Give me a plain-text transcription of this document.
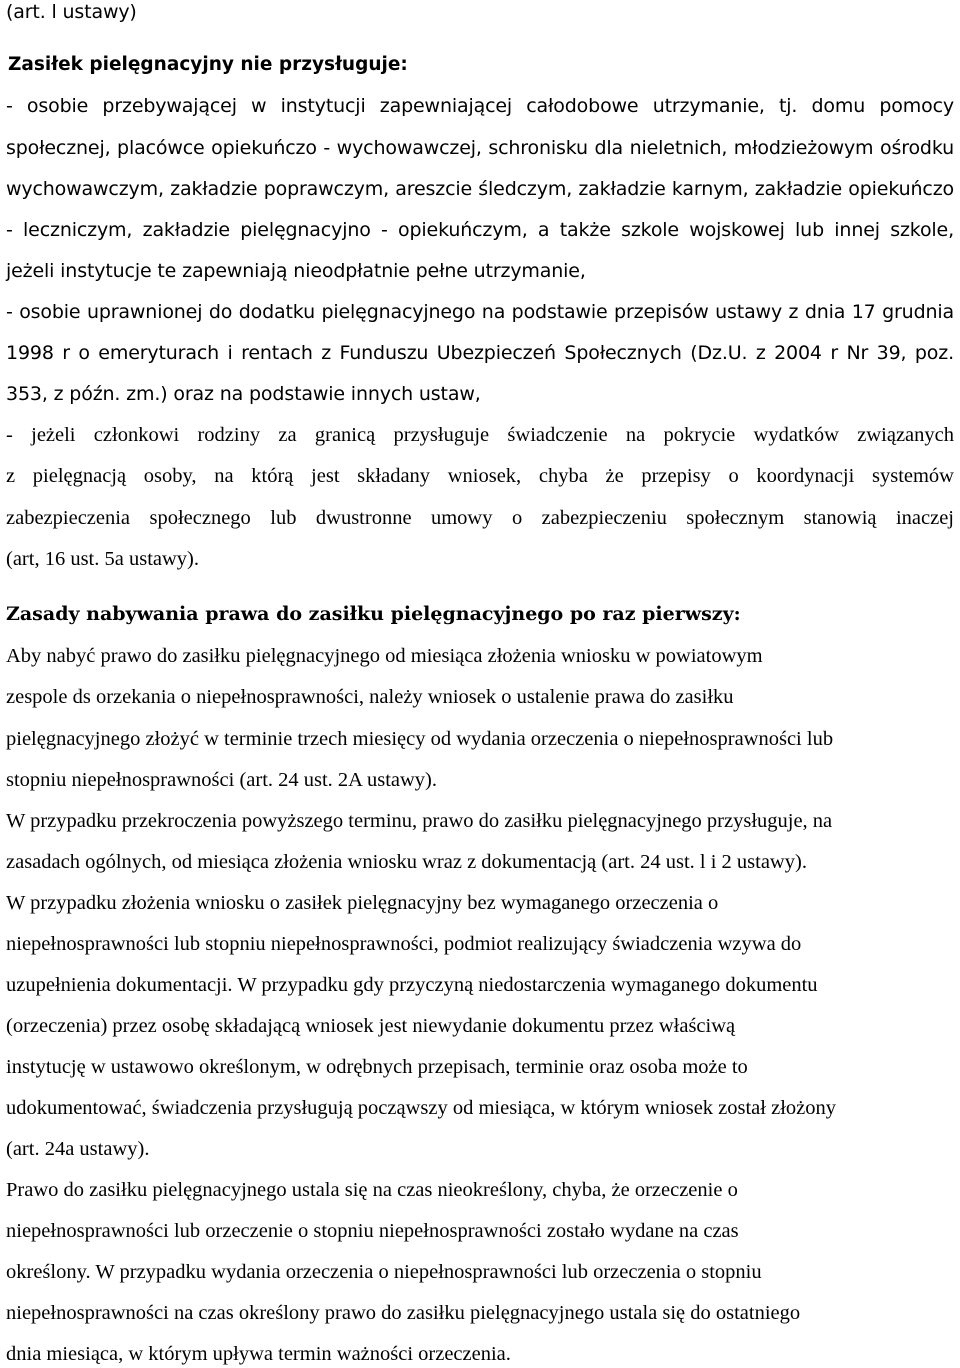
(art. l ustawy)
Zasiłek pielęgnacyjny nie przysługuje:
- osobie przebywającej w instytucji zapewniającej całodobowe utrzymanie, tj. domu pomocy
społecznej, placówce opiekuńczo - wychowawczej, schronisku dla nieletnich, młodzieżowym ośrodku
wychowawczym, zakładzie poprawczym, areszcie śledczym, zakładzie karnym, zakładzie opiekuńczo
- leczniczym, zakładzie pielęgnacyjno - opiekuńczym, a także szkole wojskowej lub innej szkole,
jeżeli instytucje te zapewniają nieodpłatnie pełne utrzymanie,
- osobie uprawnionej do dodatku pielęgnacyjnego na podstawie przepisów ustawy z dnia 17 grudnia
1998 r o emeryturach i rentach z Funduszu Ubezpieczeń Społecznych (Dz.U. z 2004 r Nr 39, poz.
353, z późn. zm.) oraz na podstawie innych ustaw,
- jeżeli członkowi rodziny za granicą przysługuje świadczenie na pokrycie wydatków związanych
z pielęgnacją osoby, na którą jest składany wniosek, chyba że przepisy o koordynacji systemów
zabezpieczenia społecznego lub dwustronne umowy o zabezpieczeniu społecznym stanowią inaczej
(art, 16 ust. 5a ustawy).
Zasady nabywania prawa do zasiłku pielęgnacyjnego po raz pierwszy:
Aby nabyć prawo do zasiłku pielęgnacyjnego od miesiąca złożenia wniosku w powiatowym
zespole ds orzekania o niepełnosprawności, należy wniosek o ustalenie prawa do zasiłku
pielęgnacyjnego złożyć w terminie trzech miesięcy od wydania orzeczenia o niepełnosprawności lub
stopniu niepełnosprawności (art. 24 ust. 2A ustawy).
W przypadku przekroczenia powyższego terminu, prawo do zasiłku pielęgnacyjnego przysługuje, na
zasadach ogólnych, od miesiąca złożenia wniosku wraz z dokumentacją (art. 24 ust. l i 2 ustawy).
W przypadku złożenia wniosku o zasiłek pielęgnacyjny bez wymaganego orzeczenia o
niepełnosprawności lub stopniu niepełnosprawności, podmiot realizujący świadczenia wzywa do
uzupełnienia dokumentacji. W przypadku gdy przyczyną niedostarczenia wymaganego dokumentu
(orzeczenia) przez osobę składającą wniosek jest niewydanie dokumentu przez właściwą
instytucję w ustawowo określonym, w odrębnych przepisach, terminie oraz osoba może to
udokumentować, świadczenia przysługują począwszy od miesiąca, w którym wniosek został złożony
(art. 24a ustawy).
Prawo do zasiłku pielęgnacyjnego ustala się na czas nieokreślony, chyba, że orzeczenie o
niepełnosprawności lub orzeczenie o stopniu niepełnosprawności zostało wydane na czas
określony. W przypadku wydania orzeczenia o niepełnosprawności lub orzeczenia o stopniu
niepełnosprawności na czas określony prawo do zasiłku pielęgnacyjnego ustala się do ostatniego
dnia miesiąca, w którym upływa termin ważności orzeczenia.
